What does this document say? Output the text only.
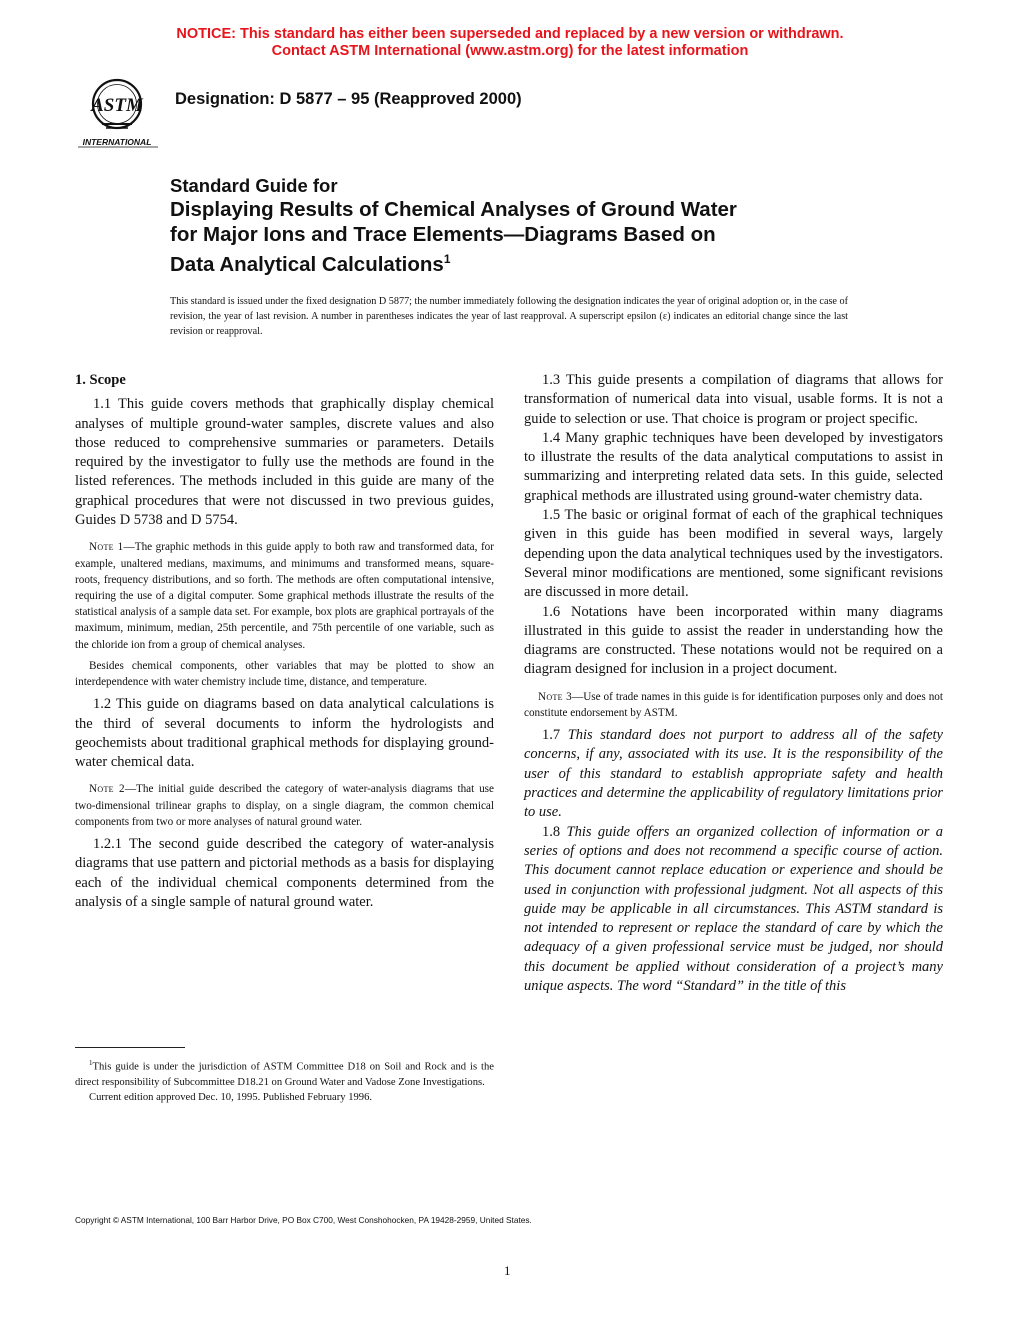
NOTICE: This standard has either been superseded and replaced by a new version or withdrawn.
Contact ASTM International (www.astm.org) for the latest information
ASTM
INTERNATIONAL
Designation: D 5877 – 95 (Reapproved 2000)
Standard Guide for
Displaying Results of Chemical Analyses of Ground Water
for Major Ions and Trace Elements—Diagrams Based on
Data Analytical Calculations$^1$
This standard is issued under the fixed designation D 5877; the number immediately following the designation indicates the year of original adoption or, in the case of revision, the year of last revision. A number in parentheses indicates the year of last reapproval. A superscript epsilon (ε) indicates an editorial change since the last revision or reapproval.
1. Scope

1.1 This guide covers methods that graphically display chemical analyses of multiple ground-water samples, discrete values and also those reduced to comprehensive summaries or parameters. Details required by the investigator to fully use the methods are found in the listed references. The methods included in this guide are many of the graphical procedures that were not discussed in two previous guides, Guides D 5738 and D 5754.

Note 1—The graphic methods in this guide apply to both raw and transformed data, for example, unaltered medians, maximums, and minimums and transformed means, square-roots, frequency distributions, and so forth. The methods are often computational intensive, requiring the use of a digital computer. Some graphical methods illustrate the results of the statistical analysis of a sample data set. For example, box plots are graphical portrayals of the maximum, minimum, median, 25th percentile, and 75th percentile of one variable, such as the chloride ion from a group of chemical analyses.

Besides chemical components, other variables that may be plotted to show an interdependence with water chemistry include time, distance, and temperature.

1.2 This guide on diagrams based on data analytical calculations is the third of several documents to inform the hydrologists and geochemists about traditional graphical methods for displaying ground-water chemical data.

Note 2—The initial guide described the category of water-analysis diagrams that use two-dimensional trilinear graphs to display, on a single diagram, the common chemical components from two or more analyses of natural ground water.

1.2.1 The second guide described the category of water-analysis diagrams that use pattern and pictorial methods as a basis for displaying each of the individual chemical components determined from the analysis of a single sample of natural ground water.

1.3 This guide presents a compilation of diagrams that allows for transformation of numerical data into visual, usable forms. It is not a guide to selection or use. That choice is program or project specific.

1.4 Many graphic techniques have been developed by investigators to illustrate the results of the data analytical computations to assist in summarizing and interpreting related data sets. In this guide, selected graphical methods are illustrated using ground-water chemistry data.

1.5 The basic or original format of each of the graphical techniques given in this guide has been modified in several ways, largely depending upon the data analytical techniques used by the investigators. Several minor modifications are mentioned, some significant revisions are discussed in more detail.

1.6 Notations have been incorporated within many diagrams illustrated in this guide to assist the reader in understanding how the diagrams are constructed. These notations would not be required on a diagram designed for inclusion in a project document.

Note 3—Use of trade names in this guide is for identification purposes only and does not constitute endorsement by ASTM.

1.7 This standard does not purport to address all of the safety concerns, if any, associated with its use. It is the responsibility of the user of this standard to establish appropriate safety and health practices and determine the applicability of regulatory limitations prior to use.

1.8 This guide offers an organized collection of information or a series of options and does not recommend a specific course of action. This document cannot replace education or experience and should be used in conjunction with professional judgment. Not all aspects of this guide may be applicable in all circumstances. This ASTM standard is not intended to represent or replace the standard of care by which the adequacy of a given professional service must be judged, nor should this document be applied without consideration of a project’s many unique aspects. The word “Standard” in the title of this

$^1$This guide is under the jurisdiction of ASTM Committee D18 on Soil and Rock and is the direct responsibility of Subcommittee D18.21 on Ground Water and Vadose Zone Investigations.

Current edition approved Dec. 10, 1995. Published February 1996.

Copyright © ASTM International, 100 Barr Harbor Drive, PO Box C700, West Conshohocken, PA 19428-2959, United States.
1
